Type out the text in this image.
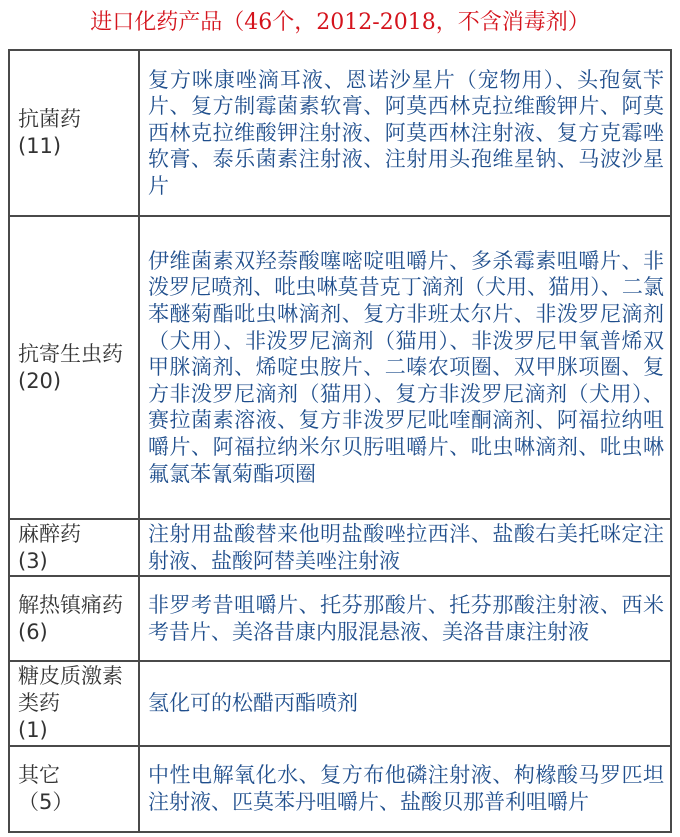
进口化药产品（46个，2012-2018，不含消毒剂）
抗菌药
(11)	复方咪康唑滴耳液、恩诺沙星片（宠物用）、头孢氨苄片、复方制霉菌素软膏、阿莫西林克拉维酸钾片、阿莫西林克拉维酸钾注射液、阿莫西林注射液、复方克霉唑软膏、泰乐菌素注射液、注射用头孢维星钠、马波沙星片
抗寄生虫药
(20)	伊维菌素双羟萘酸噻嘧啶咀嚼片、多杀霉素咀嚼片、非泼罗尼喷剂、吡虫啉莫昔克丁滴剂（犬用、猫用）、二氯苯醚菊酯吡虫啉滴剂、复方非班太尔片、非泼罗尼滴剂（犬用）、非泼罗尼滴剂（猫用）、非泼罗尼甲氧普烯双甲脒滴剂、烯啶虫胺片、二嗪农项圈、双甲脒项圈、复方非泼罗尼滴剂（猫用）、复方非泼罗尼滴剂（犬用）、赛拉菌素溶液、复方非泼罗尼吡喹酮滴剂、阿福拉纳咀嚼片、阿福拉纳米尔贝肟咀嚼片、吡虫啉滴剂、吡虫啉氟氯苯氰菊酯项圈
麻醉药
(3)	注射用盐酸替来他明盐酸唑拉西泮、盐酸右美托咪定注射液、盐酸阿替美唑注射液
解热镇痛药
(6)	非罗考昔咀嚼片、托芬那酸片、托芬那酸注射液、西米考昔片、美洛昔康内服混悬液、美洛昔康注射液
糖皮质激素类药
(1)	氢化可的松醋丙酯喷剂
其它
（5）	中性电解氧化水、复方布他磷注射液、枸橼酸马罗匹坦注射液、匹莫苯丹咀嚼片、盐酸贝那普利咀嚼片
